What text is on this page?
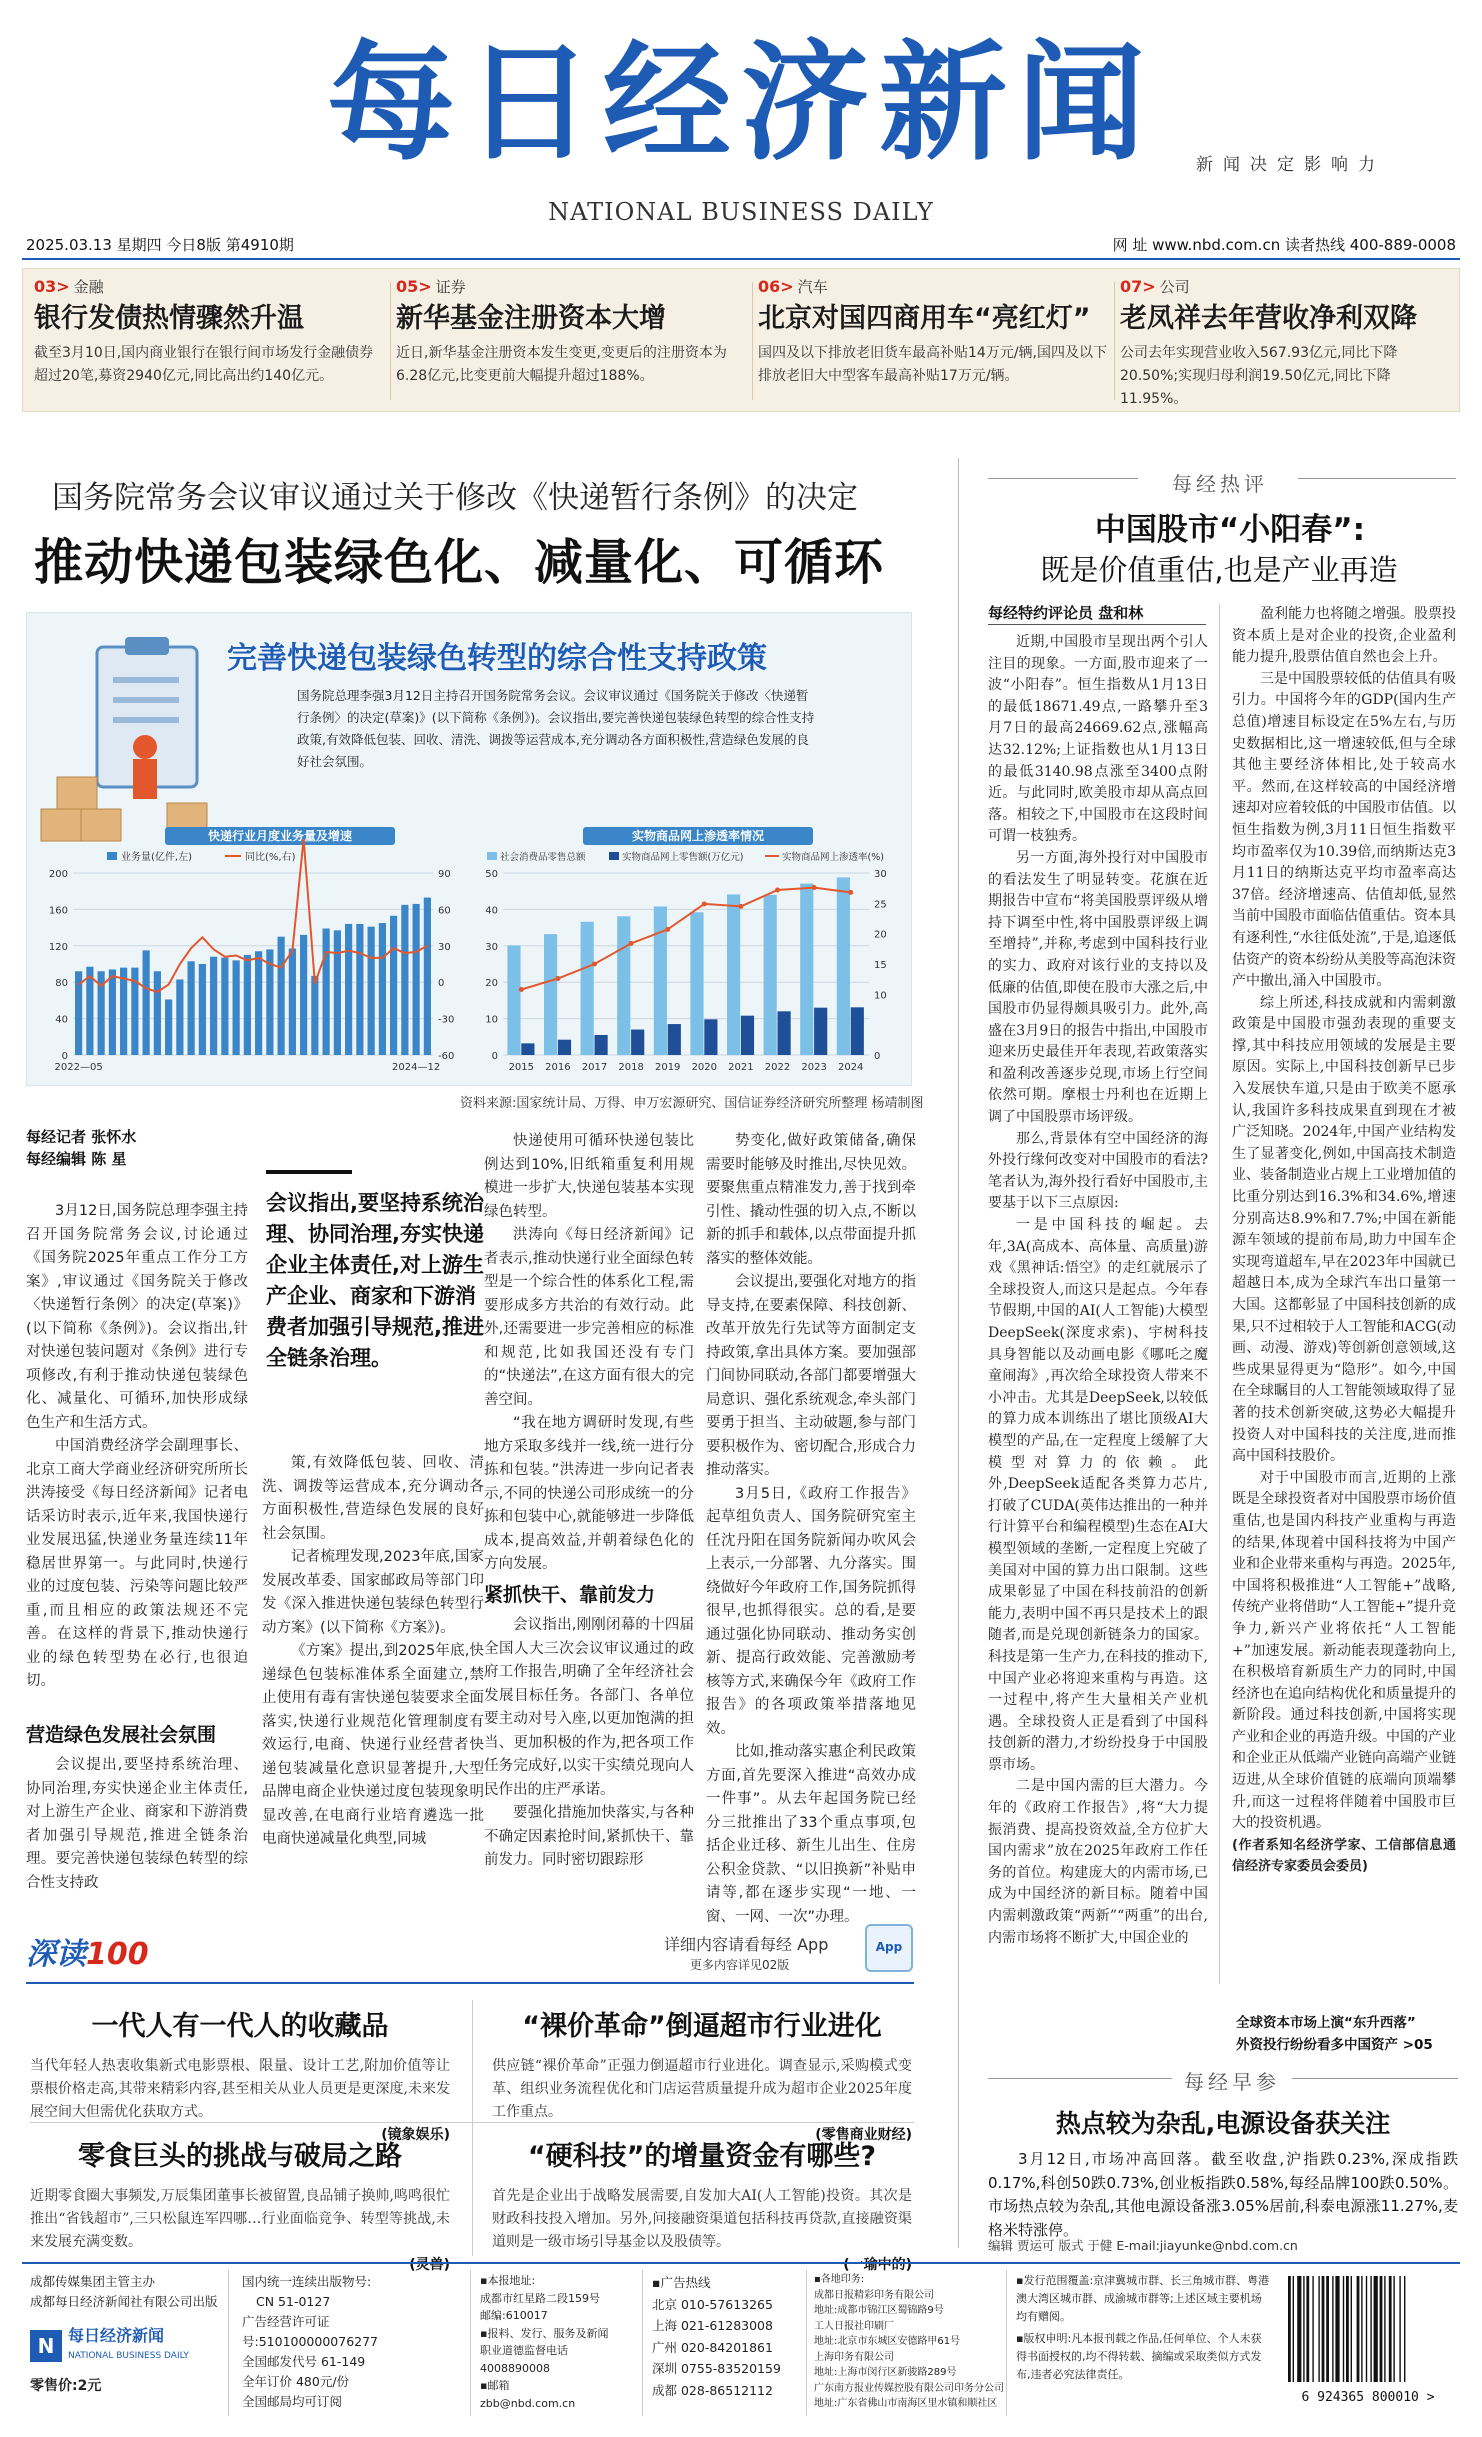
每日经济新闻
NATIONAL BUSINESS DAILY
新闻决定影响力
2025.03.13 星期四 今日8版 第4910期	网 址 www.nbd.com.cn 读者热线 400-889-0008
03> 金融
银行发债热情骤然升温
截至3月10日,国内商业银行在银行间市场发行金融债券超过20笔,募资2940亿元,同比高出约140亿元。
05> 证券
新华基金注册资本大增
近日,新华基金注册资本发生变更,变更后的注册资本为6.28亿元,比变更前大幅提升超过188%。
06> 汽车
北京对国四商用车“亮红灯”
国四及以下排放老旧货车最高补贴14万元/辆,国四及以下排放老旧大中型客车最高补贴17万元/辆。
07> 公司
老凤祥去年营收净利双降
公司去年实现营业收入567.93亿元,同比下降20.50%;实现归母利润19.50亿元,同比下降11.95%。
国务院常务会议审议通过关于修改《快递暂行条例》的决定
推动快递包装绿色化、减量化、可循环
完善快递包装绿色转型的综合性支持政策
国务院总理李强3月12日主持召开国务院常务会议。会议审议通过《国务院关于修改〈快递暂行条例〉的决定(草案)》(以下简称《条例》)。会议指出,要完善快递包装绿色转型的综合性支持政策,有效降低包装、回收、清洗、调拨等运营成本,充分调动各方面积极性,营造绿色发展的良好社会氛围。
快递行业月度业务量及增速
业务量(亿件,左)	同比(%,右)
200
160
120
80
40
0
90
60
30
0
-30
-60
2022—05	2024—12
实物商品网上渗透率情况
社会消费品零售总额	实物商品网上零售额(万亿元)	实物商品网上渗透率(%)
50
40
30
20
10
0
30
25
20
15
10
0
2015 2016 2017 2018 2019 2020 2021 2022 2023 2024
资料来源:国家统计局、万得、申万宏源研究、国信证券经济研究所整理 杨靖制图
每经记者 张怀水
每经编辑 陈 星

3月12日,国务院总理李强主持召开国务院常务会议,讨论通过《国务院2025年重点工作分工方案》,审议通过《国务院关于修改〈快递暂行条例〉的决定(草案)》(以下简称《条例》)。会议指出,针对快递包装问题对《条例》进行专项修改,有利于推动快递包装绿色化、减量化、可循环,加快形成绿色生产和生活方式。

中国消费经济学会副理事长、北京工商大学商业经济研究所所长洪涛接受《每日经济新闻》记者电话采访时表示,近年来,我国快递行业发展迅猛,快递业务量连续11年稳居世界第一。与此同时,快递行业的过度包装、污染等问题比较严重,而且相应的政策法规还不完善。在这样的背景下,推动快递行业的绿色转型势在必行,也很迫切。

营造绿色发展社会氛围

会议提出,要坚持系统治理、协同治理,夯实快递企业主体责任,对上游生产企业、商家和下游消费者加强引导规范,推进全链条治理。要完善快递包装绿色转型的综合性支持政

会议指出,要坚持系统治理、协同治理,夯实快递企业主体责任,对上游生产企业、商家和下游消费者加强引导规范,推进全链条治理。

策,有效降低包装、回收、清洗、调拨等运营成本,充分调动各方面积极性,营造绿色发展的良好社会氛围。

记者梳理发现,2023年底,国家发展改革委、国家邮政局等部门印发《深入推进快递包装绿色转型行动方案》(以下简称《方案》)。

《方案》提出,到2025年底,快递绿色包装标准体系全面建立,禁止使用有毒有害快递包装要求全面落实,快递行业规范化管理制度有效运行,电商、快递行业经营者快递包装减量化意识显著提升,大型品牌电商企业快递过度包装现象明显改善,在电商行业培育遴选一批电商快递减量化典型,同城

快递使用可循环快递包装比例达到10%,旧纸箱重复利用规模进一步扩大,快递包装基本实现绿色转型。

洪涛向《每日经济新闻》记者表示,推动快递行业全面绿色转型是一个综合性的体系化工程,需要形成多方共治的有效行动。此外,还需要进一步完善相应的标准和规范,比如我国还没有专门的“快递法”,在这方面有很大的完善空间。

“我在地方调研时发现,有些地方采取多线并一线,统一进行分拣和包装。”洪涛进一步向记者表示,不同的快递公司形成统一的分拣和包装中心,就能够进一步降低成本,提高效益,并朝着绿色化的方向发展。

紧抓快干、靠前发力

会议指出,刚刚闭幕的十四届全国人大三次会议审议通过的政府工作报告,明确了全年经济社会发展目标任务。各部门、各单位要主动对号入座,以更加饱满的担当、更加积极的作为,把各项工作任务完成好,以实干实绩兑现向人民作出的庄严承诺。

要强化措施加快落实,与各种不确定因素抢时间,紧抓快干、靠前发力。同时密切跟踪形

势变化,做好政策储备,确保需要时能够及时推出,尽快见效。要聚焦重点精准发力,善于找到牵引性、撬动性强的切入点,不断以新的抓手和载体,以点带面提升抓落实的整体效能。

会议提出,要强化对地方的指导支持,在要素保障、科技创新、改革开放先行先试等方面制定支持政策,拿出具体方案。要加强部门间协同联动,各部门都要增强大局意识、强化系统观念,牵头部门要勇于担当、主动破题,参与部门要积极作为、密切配合,形成合力推动落实。

3月5日,《政府工作报告》起草组负责人、国务院研究室主任沈丹阳在国务院新闻办吹风会上表示,一分部署、九分落实。围绕做好今年政府工作,国务院抓得很早,也抓得很实。总的看,是要通过强化协同联动、推动务实创新、提高行政效能、完善激励考核等方式,来确保今年《政府工作报告》的各项政策举措落地见效。

比如,推动落实惠企利民政策方面,首先要深入推进“高效办成一件事”。从去年起国务院已经分三批推出了33个重点事项,包括企业迁移、新生儿出生、住房公积金贷款、“以旧换新”补贴申请等,都在逐步实现“一地、一窗、一网、一次”办理。

每经热评
中国股市“小阳春”:
既是价值重估,也是产业再造
每经特约评论员 盘和林

近期,中国股市呈现出两个引人注目的现象。一方面,股市迎来了一波“小阳春”。恒生指数从1月13日的最低18671.49点,一路攀升至3月7日的最高24669.62点,涨幅高达32.12%;上证指数也从1月13日的最低3140.98点涨至3400点附近。与此同时,欧美股市却从高点回落。相较之下,中国股市在这段时间可谓一枝独秀。

另一方面,海外投行对中国股市的看法发生了明显转变。花旗在近期报告中宣布“将美国股票评级从增持下调至中性,将中国股票评级上调至增持”,并称,考虑到中国科技行业的实力、政府对该行业的支持以及低廉的估值,即使在股市大涨之后,中国股市仍显得颇具吸引力。此外,高盛在3月9日的报告中指出,中国股市迎来历史最佳开年表现,若政策落实和盈利改善逐步兑现,市场上行空间依然可期。摩根士丹利也在近期上调了中国股票市场评级。

那么,背景体有空中国经济的海外投行缘何改变对中国股市的看法?笔者认为,海外投行看好中国股市,主要基于以下三点原因:

一是中国科技的崛起。去年,3A(高成本、高体量、高质量)游戏《黑神话:悟空》的走红就展示了全球投资人,而这只是起点。今年春节假期,中国的AI(人工智能)大模型DeepSeek(深度求索)、宇树科技具身智能以及动画电影《哪吒之魔童闹海》,再次给全球投资人带来不小冲击。尤其是DeepSeek,以较低的算力成本训练出了堪比顶级AI大模型的产品,在一定程度上缓解了大模型对算力的依赖。此外,DeepSeek适配各类算力芯片,打破了CUDA(英伟达推出的一种并行计算平台和编程模型)生态在AI大模型领域的垄断,一定程度上究破了美国对中国的算力出口限制。这些成果彰显了中国在科技前沿的创新能力,表明中国不再只是技术上的跟随者,而是兑现创新链条力的国家。科技是第一生产力,在科技的推动下,中国产业必将迎来重构与再造。这一过程中,将产生大量相关产业机遇。全球投资人正是看到了中国科技创新的潜力,才纷纷投身于中国股票市场。

二是中国内需的巨大潜力。今年的《政府工作报告》,将“大力提振消费、提高投资效益,全方位扩大国内需求”放在2025年政府工作任务的首位。构建庞大的内需市场,已成为中国经济的新目标。随着中国内需刺激政策“两新”“两重”的出台,内需市场将不断扩大,中国企业的

盈利能力也将随之增强。股票投资本质上是对企业的投资,企业盈利能力提升,股票估值自然也会上升。

三是中国股票较低的估值具有吸引力。中国将今年的GDP(国内生产总值)增速目标设定在5%左右,与历史数据相比,这一增速较低,但与全球其他主要经济体相比,处于较高水平。然而,在这样较高的中国经济增速却对应着较低的中国股市估值。以恒生指数为例,3月11日恒生指数平均市盈率仅为10.39倍,而纳斯达克3月11日的纳斯达克平均市盈率高达37倍。经济增速高、估值却低,显然当前中国股市面临估值重估。资本具有逐利性,“水往低处流”,于是,追逐低估资产的资本纷纷从美股等高泡沫资产中撤出,涌入中国股市。

综上所述,科技成就和内需刺激政策是中国股市强劲表现的重要支撑,其中科技应用领域的发展是主要原因。实际上,中国科技创新早已步入发展快车道,只是由于欧美不愿承认,我国许多科技成果直到现在才被广泛知晓。2024年,中国产业结构发生了显著变化,例如,中国高技术制造业、装备制造业占规上工业增加值的比重分别达到16.3%和34.6%,增速分别高达8.9%和7.7%;中国在新能源车领域的提前布局,助力中国车企实现弯道超车,早在2023年中国就已超越日本,成为全球汽车出口量第一大国。这都彰显了中国科技创新的成果,只不过相较于人工智能和ACG(动画、动漫、游戏)等创新创意领域,这些成果显得更为“隐形”。如今,中国在全球瞩目的人工智能领域取得了显著的技术创新突破,这势必大幅提升投资人对中国科技的关注度,进而推高中国科技股价。

对于中国股市而言,近期的上涨既是全球投资者对中国股票市场价值重估,也是国内科技产业重构与再造的结果,体现着中国科技将为中国产业和企业带来重构与再造。2025年,中国将积极推进“人工智能+”战略,传统产业将借助“人工智能+”提升竞争力,新兴产业将依托“人工智能+”加速发展。新动能表现蓬勃向上,在积极培育新质生产力的同时,中国经济也在追向结构优化和质量提升的新阶段。通过科技创新,中国将实现产业和企业的再造升级。中国的产业和企业正从低端产业链向高端产业链迈进,从全球价值链的底端向顶端攀升,而这一过程将伴随着中国股市巨大的投资机遇。

(作者系知名经济学家、工信部信息通信经济专家委员会委员)

全球资本市场上演“东升西落”
外资投行纷纷看多中国资产 >05
每经早参
热点较为杂乱,电源设备获关注
3月12日,市场冲高回落。截至收盘,沪指跌0.23%,深成指跌0.17%,科创50跌0.73%,创业板指跌0.58%,每经品牌100跌0.50%。市场热点较为杂乱,其他电源设备涨3.05%居前,科泰电源涨11.27%,麦格米特涨停。
编辑 贾运可 版式 于健 E-mail:jiayunke@nbd.com.cn
深读100	详细内容请看每经 App
更多内容详见02版
App
一代人有一代人的收藏品
当代年轻人热衷收集新式电影票根、限量、设计工艺,附加价值等让票根价格走高,其带来精彩内容,甚至相关从业人员更是更深度,未来发展空间大但需优化获取方式。
(镜象娱乐)
“裸价革命”倒逼超市行业进化
供应链“裸价革命”正强力倒逼超市行业进化。调查显示,采购模式变革、组织业务流程优化和门店运营质量提升成为超市企业2025年度工作重点。
(零售商业财经)
零食巨头的挑战与破局之路
近期零食圈大事频发,万辰集团董事长被留置,良品铺子换帅,鸣鸣很忙推出“省钱超市”,三只松鼠连军四哪…行业面临竞争、转型等挑战,未来发展充满变数。
(灵兽)
“硬科技”的增量资金有哪些?
首先是企业出于战略发展需要,自发加大AI(人工智能)投资。其次是财政科技投入增加。另外,问接融资渠道包括科技再贷款,直接融资渠道则是一级市场引导基金以及股债等。
(一瑜中的)
成都传媒集团主管主办
成都每日经济新闻社有限公司出版
N 每日经济新闻
NATIONAL BUSINESS DAILY
零售价:2元
国内统一连续出版物号:
CN 51-0127
广告经营许可证号:510100000076277
全国邮发代号 61-149
全年订价 480元/份
全国邮局均可订阅
▪本报地址:
成都市红星路二段159号
邮编:610017
▪报料、发行、服务及新闻
职业道德监督电话
4008890008
▪邮箱
zbb@nbd.com.cn
▪广告热线
北京 010-57613265
上海 021-61283008
广州 020-84201861
深圳 0755-83520159
成都 028-86512112
▪各地印务:
成都日报精彩印务有限公司
地址:成都市锦江区蜀锦路9号
工人日报社印刷厂
地址:北京市东城区安德路甲61号
上海印务有限公司
地址:上海市闵行区新骏路289号
广东南方报业传媒控股有限公司印务分公司
地址:广东省佛山市南海区里水镇和顺社区
▪发行范围覆盖:京津冀城市群、长三角城市群、粤港澳大湾区城市群、成渝城市群等;上述区域主要机场均有赠阅。
▪版权申明:凡本报刊载之作品,任何单位、个人未获得书面授权的,均不得转载、摘编或采取类似方式发布,违者必究法律责任。
6 924365 800010 >
